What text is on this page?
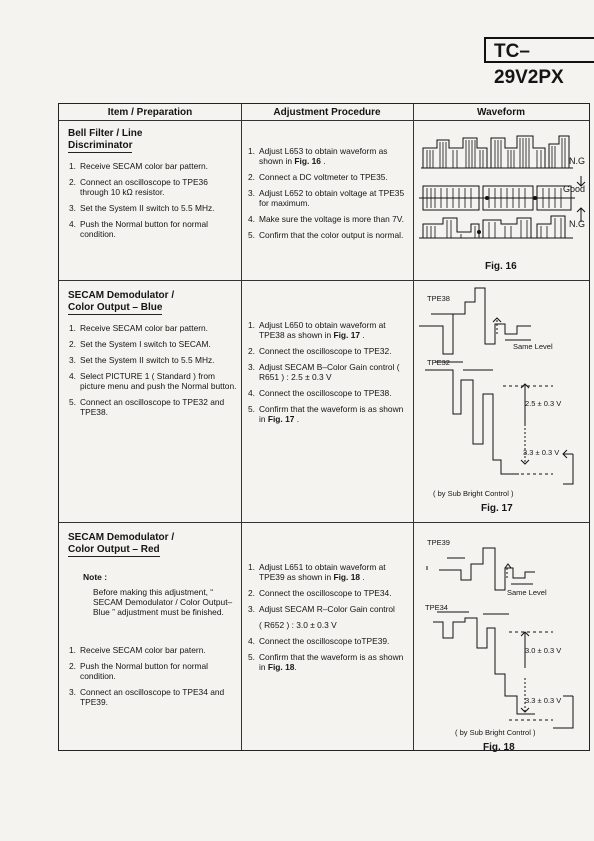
TC–29V2PX
Item / Preparation	Adjustment Procedure	Waveform
Bell Filter / Line
Discriminator
1. Receive SECAM color bar pattern.
2. Connect an oscilloscope to TPE36 through 10 kΩ resistor.
3. Set the System II switch to 5.5 MHz.
4. Push the Normal button for normal condition.
1. Adjust L653 to obtain waveform as shown in Fig. 16 .
2. Connect a DC voltmeter to TPE35.
3. Adjust L652 to obtain voltage at TPE35 for maximum.
4. Make sure the voltage is more than 7V.
5. Confirm that the color output is normal.
SECAM Demodulator /
Color Output – Blue
1. Receive SECAM color bar pattern.
2. Set the System I switch to SECAM.
3. Set the System II switch to 5.5 MHz.
4. Select PICTURE 1 ( Standard ) from picture menu and push the Normal button.
5. Connect an oscilloscope to TPE32 and TPE38.
1. Adjust L650 to obtain waveform at TPE38 as shown in Fig. 17 .
2. Connect the oscilloscope to TPE32.
3. Adjust SECAM B–Color Gain control ( R651 ) : 2.5 ± 0.3 V
4. Connect the oscilloscope to TPE38.
5. Confirm that the waveform is as shown in Fig. 17 .
SECAM Demodulator /
Color Output – Red
Note :
Before making this adjustment, “ SECAM Demodulator / Color Output– Blue ” adjustment must be finished.
1. Receive SECAM color bar patern.
2. Push the Normal button for normal condition.
3. Connect an oscilloscope to TPE34 and TPE39.
1. Adjust L651 to obtain waveform at TPE39 as shown in Fig. 18 .
2. Connect the oscilloscope to TPE34.
3. Adjust SECAM R–Color Gain control
( R652 ) : 3.0 ± 0.3 V
4. Connect the oscilloscope toTPE39.
5. Confirm that the waveform is as shown in Fig. 18.
N.G
Good
N.G
Fig. 16
TPE38
TPE32
Same Level
2.5 ± 0.3 V
3.3 ± 0.3 V
( by Sub Bright Control )
Fig. 17
TPE39
TPE34
Same Level
3.0 ± 0.3 V
3.3 ± 0.3 V
( by Sub Bright Control )
Fig. 18
